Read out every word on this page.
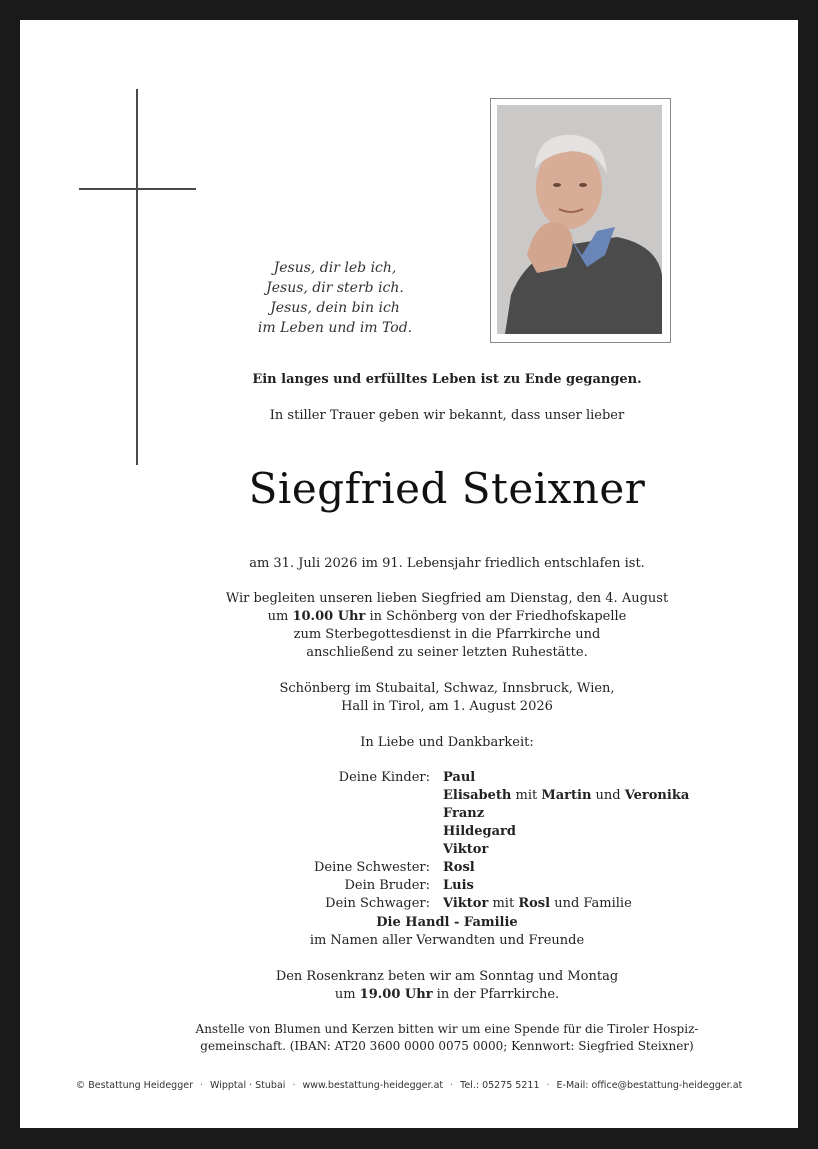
Jesus, dir leb ich,
Jesus, dir sterb ich.
Jesus, dein bin ich
im Leben und im Tod.
Ein langes und erfülltes Leben ist zu Ende gegangen.
In stiller Trauer geben wir bekannt, dass unser lieber
Siegfried Steixner
am 31. Juli 2026 im 91. Lebensjahr friedlich entschlafen ist.
Wir begleiten unseren lieben Siegfried am Dienstag, den 4. August
um 10.00 Uhr in Schönberg von der Friedhofskapelle
zum Sterbegottesdienst in die Pfarrkirche und
anschließend zu seiner letzten Ruhestätte.
Schönberg im Stubaital, Schwaz, Innsbruck, Wien,
Hall in Tirol, am 1. August 2026
In Liebe und Dankbarkeit:
Deine Kinder:
Deine Schwester:
Dein Bruder:
Dein Schwager:
Paul
Elisabeth mit Martin und Veronika
Franz
Hildegard
Viktor
Rosl
Luis
Viktor mit Rosl und Familie
Die Handl - Familie
im Namen aller Verwandten und Freunde
Den Rosenkranz beten wir am Sonntag und Montag
um 19.00 Uhr in der Pfarrkirche.
Anstelle von Blumen und Kerzen bitten wir um eine Spende für die Tiroler Hospiz-
gemeinschaft. (IBAN: AT20 3600 0000 0075 0000; Kennwort: Siegfried Steixner)
© Bestattung Heidegger · Wipptal · Stubai · www.bestattung-heidegger.at · Tel.: 05275 5211 · E-Mail: office@bestattung-heidegger.at
